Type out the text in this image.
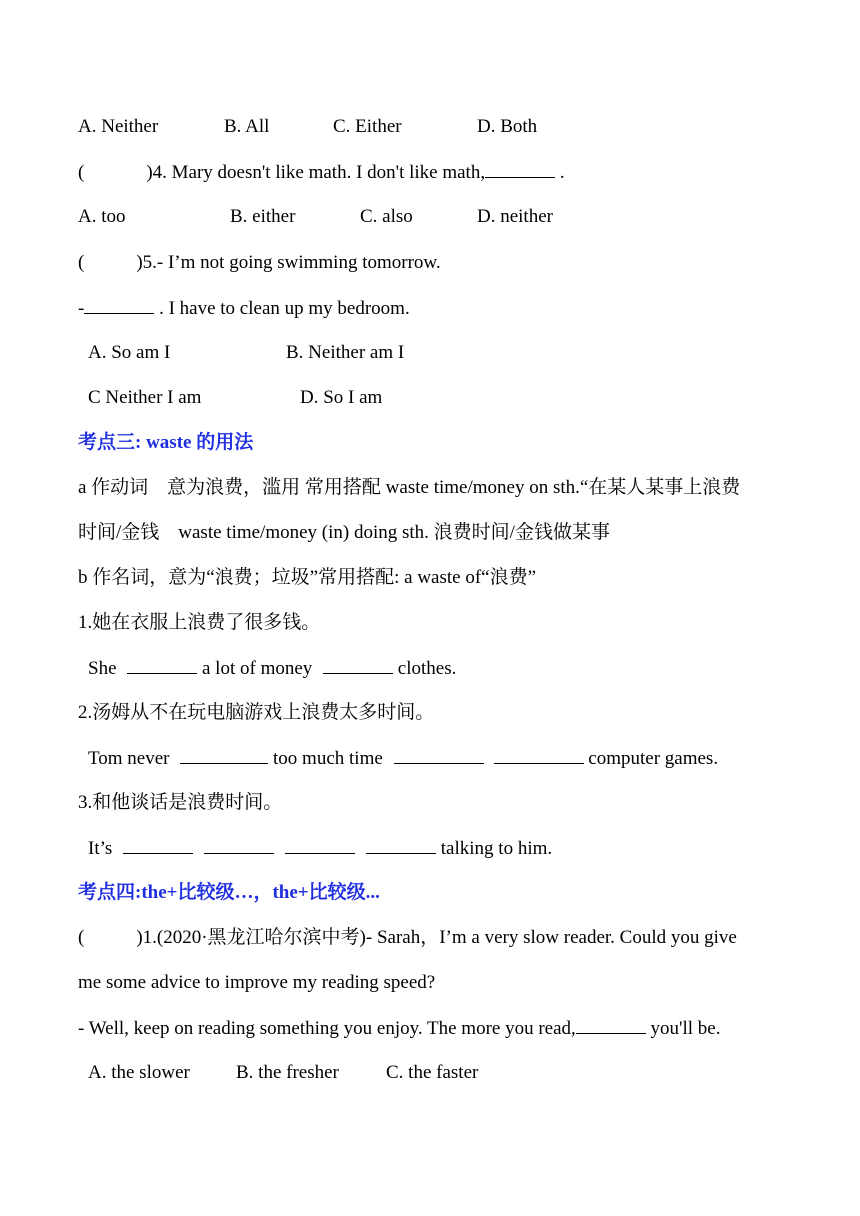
A. Neither	B. All	C. Either	D. Both
(	)4. Mary doesn't like math. I don't like math,	.
A. too	B. either	C. also	D. neither
(	)5.- I’m not going swimming tomorrow.
-	. I have to clean up my bedroom.
A. So am I	B. Neither am I
C Neither I am	D. So I am
考点三: waste 的用法
a 作动词　意为浪费，滥用 常用搭配 waste time/money on sth.“在某人某事上浪费
时间/金钱　waste time/money (in) doing sth. 浪费时间/金钱做某事
b 作名词，意为“浪费；垃圾”常用搭配: a waste of“浪费”
1.她在衣服上浪费了很多钱。
She	a lot of money	clothes.
2.汤姆从不在玩电脑游戏上浪费太多时间。
Tom never	too much time	computer games.
3.和他谈话是浪费时间。
It’s	talking to him.
考点四:the+比较级…，the+比较级...
(	)1.(2020·黑龙江哈尔滨中考)- Sarah，I’m a very slow reader. Could you give
me some advice to improve my reading speed?
- Well, keep on reading something you enjoy. The more you read,	you'll be.
A. the slower B. the fresher C. the faster
